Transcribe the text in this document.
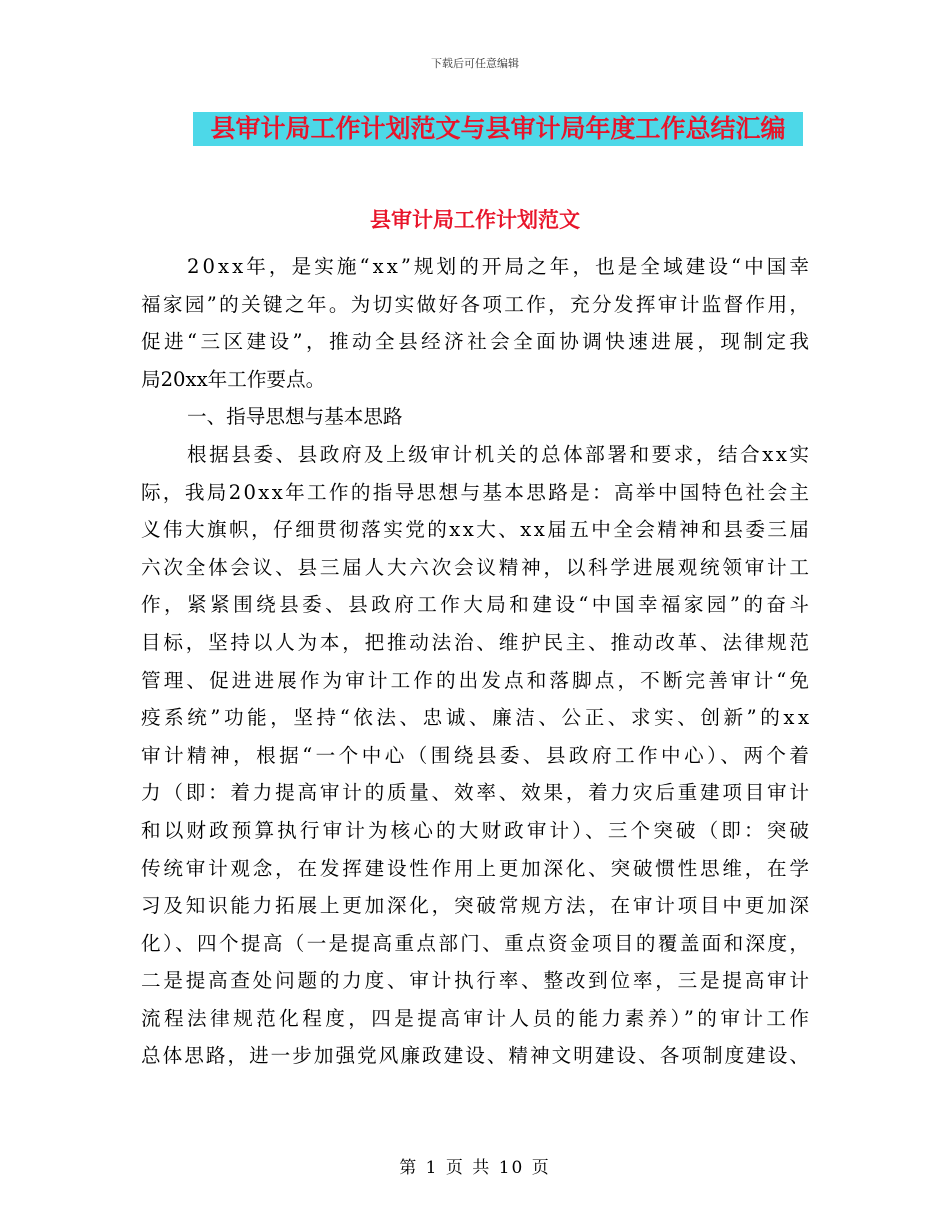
下载后可任意编辑
县审计局工作计划范文与县审计局年度工作总结汇编
县审计局工作计划范文
20xx年，是实施“xx”规划的开局之年，也是全域建设“中国幸
福家园”的关键之年。为切实做好各项工作，充分发挥审计监督作用，
促进“三区建设”，推动全县经济社会全面协调快速进展，现制定我
局20xx年工作要点。
一、指导思想与基本思路
根据县委、县政府及上级审计机关的总体部署和要求，结合xx实
际，我局20xx年工作的指导思想与基本思路是：高举中国特色社会主
义伟大旗帜，仔细贯彻落实党的xx大、xx届五中全会精神和县委三届
六次全体会议、县三届人大六次会议精神，以科学进展观统领审计工
作，紧紧围绕县委、县政府工作大局和建设“中国幸福家园”的奋斗
目标，坚持以人为本，把推动法治、维护民主、推动改革、法律规范
管理、促进进展作为审计工作的出发点和落脚点，不断完善审计“免
疫系统”功能，坚持“依法、忠诚、廉洁、公正、求实、创新”的xx
审计精神，根据“一个中心（围绕县委、县政府工作中心）、两个着
力（即：着力提高审计的质量、效率、效果，着力灾后重建项目审计
和以财政预算执行审计为核心的大财政审计）、三个突破（即：突破
传统审计观念，在发挥建设性作用上更加深化、突破惯性思维，在学
习及知识能力拓展上更加深化，突破常规方法，在审计项目中更加深
化）、四个提高（一是提高重点部门、重点资金项目的覆盖面和深度，
二是提高查处问题的力度、审计执行率、整改到位率，三是提高审计
流程法律规范化程度，四是提高审计人员的能力素养）”的审计工作
总体思路，进一步加强党风廉政建设、精神文明建设、各项制度建设、
第 1 页 共 10 页
